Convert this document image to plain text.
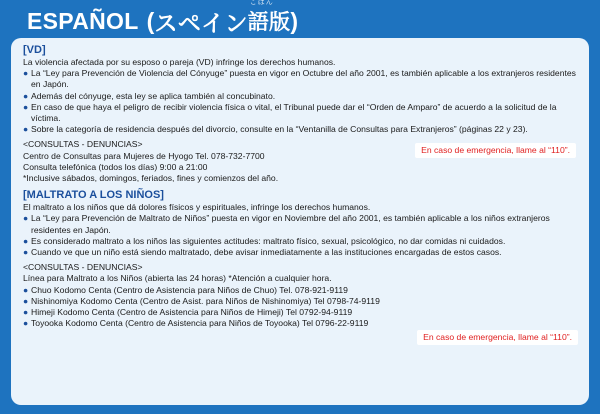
ESPAÑOL ( スペイン
ごばん
語版 )

[VD]

La violencia afectada por su esposo o pareja (VD) infringe los derechos humanos.

● La “Ley para Prevención de Violencia del Cónyuge” puesta en vigor en Octubre del año 2001, es también aplicable a los extranjeros residentes en Japón.
● Además del cónyuge, esta ley se aplica también al concubinato.
● En caso de que haya el peligro de recibir violencia física o vital, el Tribunal puede dar el “Orden de Amparo” de acuerdo a la solicitud de la víctima.
● Sobre la categoría de residencia después del divorcio, consulte en la “Ventanilla de Consultas para Extranjeros” (páginas 22 y 23).

<CONSULTAS - DENUNCIAS>

Centro de Consultas para Mujeres de Hyogo Tel. 078-732-7700

Consulta telefónica (todos los días) 9:00 a 21:00

*Inclusive sábados, domingos, feriados, fines y comienzos del año.

[MALTRATO A LOS NIÑOS]

El maltrato a los niños que dá dolores físicos y espirituales, infringe los derechos humanos.

● La “Ley para Prevención de Maltrato de Niños” puesta en vigor en Noviembre del año 2001, es también aplicable a los niños extranjeros residentes en Japón.
● Es considerado maltrato a los niños las siguientes actitudes: maltrato físico, sexual, psicológico, no dar comidas ni cuidados.
● Cuando ve que un niño está siendo maltratado, debe avisar inmediatamente a las instituciones encargadas de estos casos.

<CONSULTAS - DENUNCIAS>

Línea para Maltrato a los Niños (abierta las 24 horas) *Atención a cualquier hora.

● Chuo Kodomo Centa (Centro de Asistencia para Niños de Chuo) Tel. 078-921-9119
● Nishinomiya Kodomo Centa (Centro de Asist. para Niños de Nishinomiya) Tel 0798-74-9119
● Himeji Kodomo Centa (Centro de Asistencia para Niños de Himeji) Tel 0792-94-9119
● Toyooka Kodomo Centa (Centro de Asistencia para Niños de Toyooka) Tel 0796-22-9119
En caso de emergencia, llame al “110”.
En caso de emergencia, llame al “110”.
